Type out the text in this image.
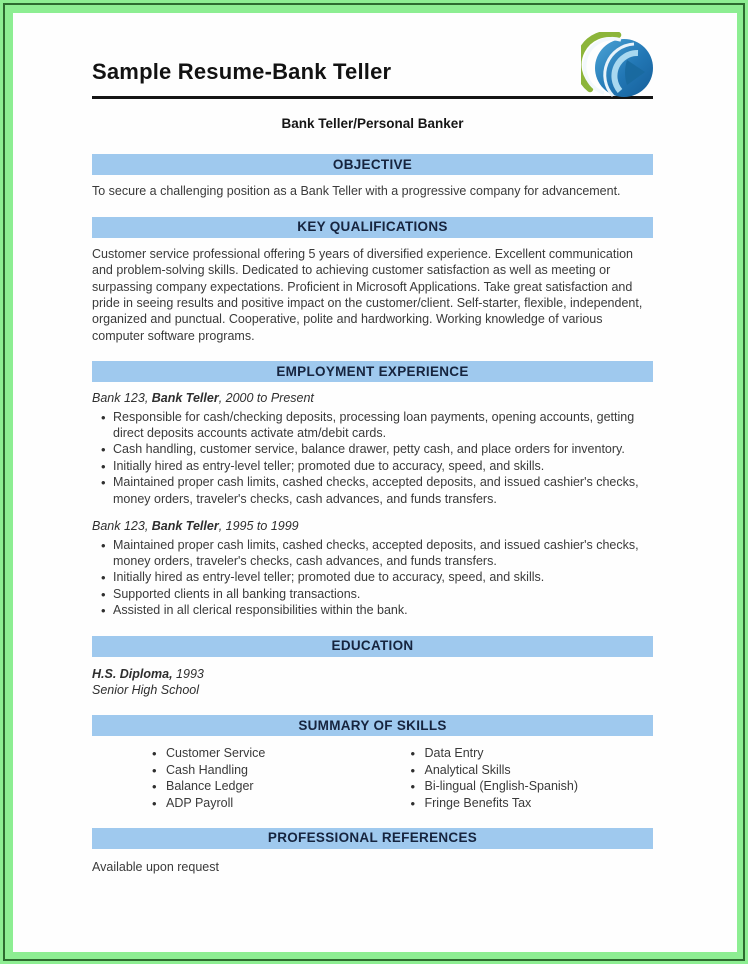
Sample Resume-Bank Teller
Bank Teller/Personal Banker
OBJECTIVE
To secure a challenging position as a Bank Teller with a progressive company for advancement.
KEY QUALIFICATIONS
Customer service professional offering 5 years of diversified experience. Excellent communication and problem-solving skills. Dedicated to achieving customer satisfaction as well as meeting or surpassing company expectations. Proficient in Microsoft Applications. Take great satisfaction and pride in seeing results and positive impact on the customer/client. Self-starter, flexible, independent, organized and punctual. Cooperative, polite and hardworking. Working knowledge of various computer software programs.
EMPLOYMENT EXPERIENCE
Bank 123, Bank Teller, 2000 to Present
• Responsible for cash/checking deposits, processing loan payments, opening accounts, getting direct deposits accounts activate atm/debit cards.
• Cash handling, customer service, balance drawer, petty cash, and place orders for inventory.
• Initially hired as entry-level teller; promoted due to accuracy, speed, and skills.
• Maintained proper cash limits, cashed checks, accepted deposits, and issued cashier's checks, money orders, traveler's checks, cash advances, and funds transfers.
Bank 123, Bank Teller, 1995 to 1999
• Maintained proper cash limits, cashed checks, accepted deposits, and issued cashier's checks, money orders, traveler's checks, cash advances, and funds transfers.
• Initially hired as entry-level teller; promoted due to accuracy, speed, and skills.
• Supported clients in all banking transactions.
• Assisted in all clerical responsibilities within the bank.
EDUCATION
H.S. Diploma, 1993
Senior High School
SUMMARY OF SKILLS
• Customer Service
• Cash Handling
• Balance Ledger
• ADP Payroll
• Data Entry
• Analytical Skills
• Bi-lingual (English-Spanish)
• Fringe Benefits Tax
PROFESSIONAL REFERENCES
Available upon request
